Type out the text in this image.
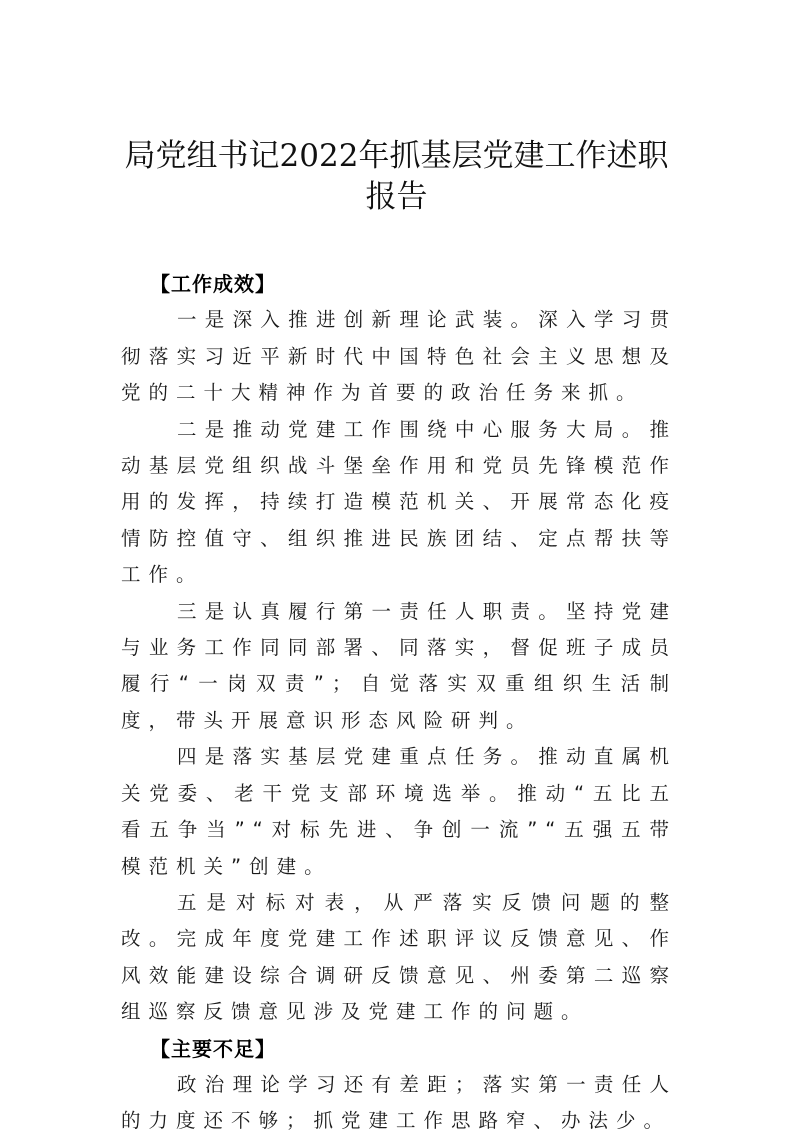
局党组书记2022年抓基层党建工作述职报告
【工作成效】

一是深入推进创新理论武装。深入学习贯彻落实习近平新时代中国特色社会主义思想及党的二十大精神作为首要的政治任务来抓。

二是推动党建工作围绕中心服务大局。推动基层党组织战斗堡垒作用和党员先锋模范作用的发挥，持续打造模范机关、开展常态化疫情防控值守、组织推进民族团结、定点帮扶等工作。

三是认真履行第一责任人职责。坚持党建与业务工作同同部署、同落实，督促班子成员履行“一岗双责”；自觉落实双重组织生活制度，带头开展意识形态风险研判。

四是落实基层党建重点任务。推动直属机关党委、老干党支部环境选举。推动“五比五看五争当”“对标先进、争创一流”“五强五带模范机关”创建。

五是对标对表，从严落实反馈问题的整改。完成年度党建工作述职评议反馈意见、作风效能建设综合调研反馈意见、州委第二巡察组巡察反馈意见涉及党建工作的问题。

【主要不足】

政治理论学习还有差距；落实第一责任人的力度还不够；抓党建工作思路窄、办法少。
